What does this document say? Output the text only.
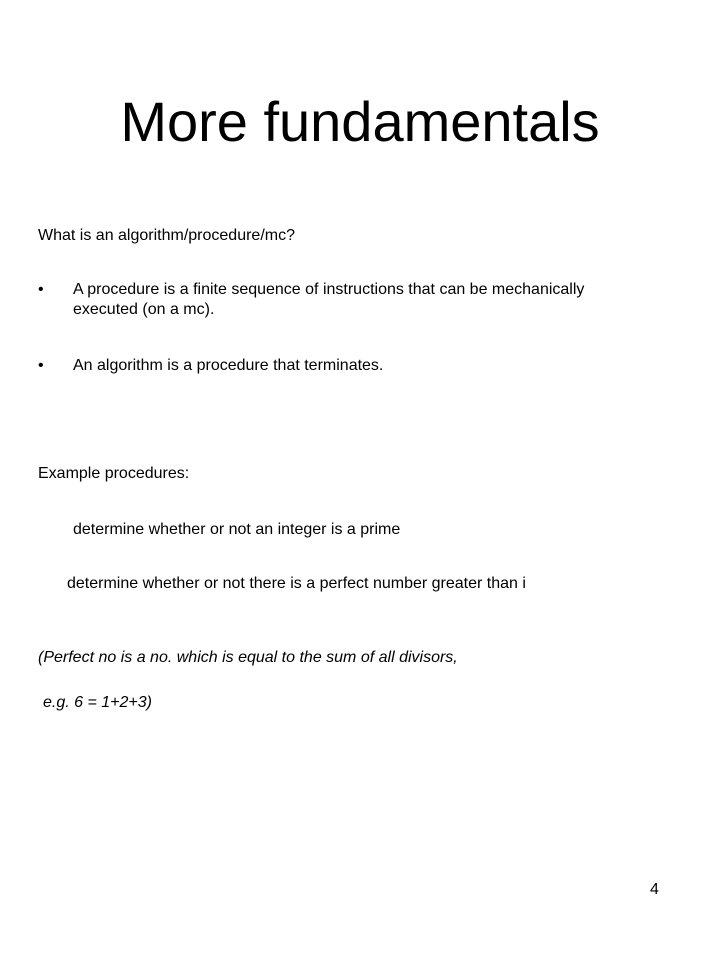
More fundamentals
What is an algorithm/procedure/mc?
• A procedure is a finite sequence of instructions that can be mechanically executed (on a mc).
• An algorithm is a procedure that terminates.
Example procedures:
determine whether or not an integer is a prime
determine whether or not there is a perfect number greater than i
(Perfect no is a no. which is equal to the sum of all divisors,
e.g. 6 = 1+2+3)
4
